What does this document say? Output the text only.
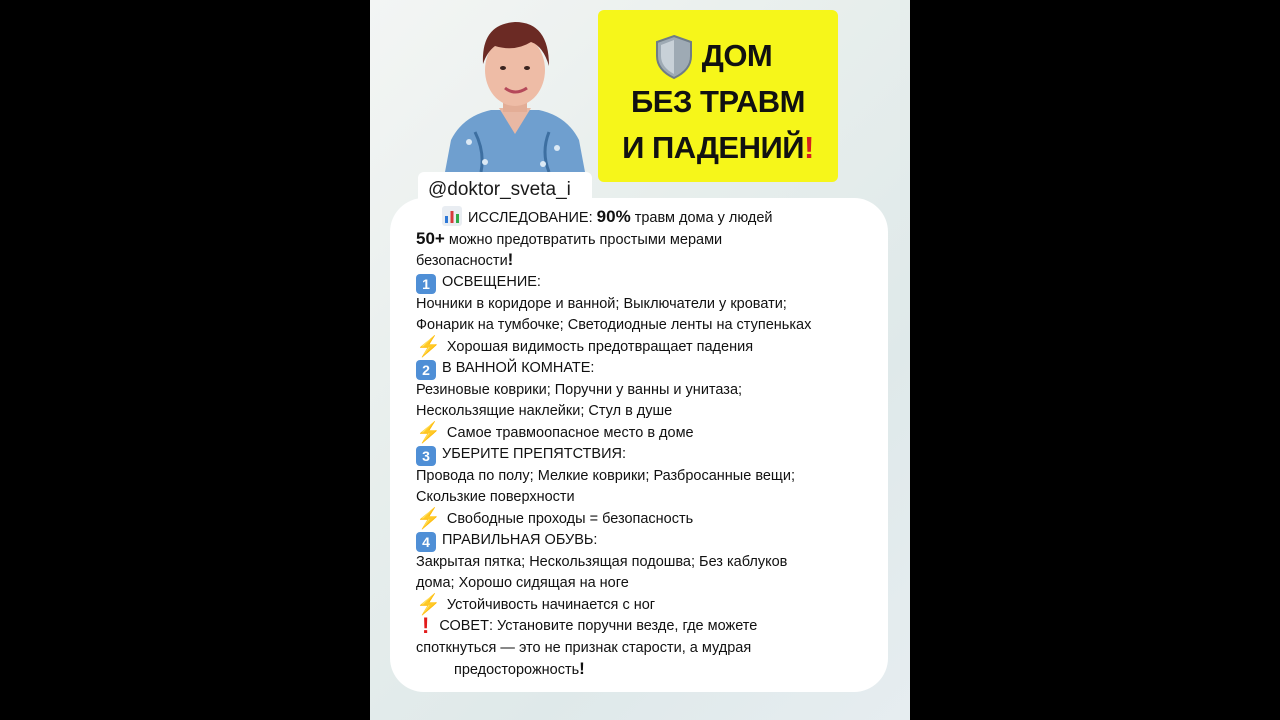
ДОМ
БЕЗ ТРАВМ
И ПАДЕНИЙ!
@doktor_sveta_i
ИССЛЕДОВАНИЕ: 90% травм дома у людей
50+ можно предотвратить простыми мерами
безопасности!
1 ОСВЕЩЕНИЕ:
Ночники в коридоре и ванной; Выключатели у кровати;
Фонарик на тумбочке; Светодиодные ленты на ступеньках
⚡ Хорошая видимость предотвращает падения
2 В ВАННОЙ КОМНАТЕ:
Резиновые коврики; Поручни у ванны и унитаза;
Нескользящие наклейки; Стул в душе
⚡ Самое травмоопасное место в доме
3 УБЕРИТЕ ПРЕПЯТСТВИЯ:
Провода по полу; Мелкие коврики; Разбросанные вещи;
Скользкие поверхности
⚡ Свободные проходы = безопасность
4 ПРАВИЛЬНАЯ ОБУВЬ:
Закрытая пятка; Нескользящая подошва; Без каблуков
дома; Хорошо сидящая на ноге
⚡ Устойчивость начинается с ног
! СОВЕТ: Установите поручни везде, где можете
споткнуться — это не признак старости, а мудрая
предосторожность!
